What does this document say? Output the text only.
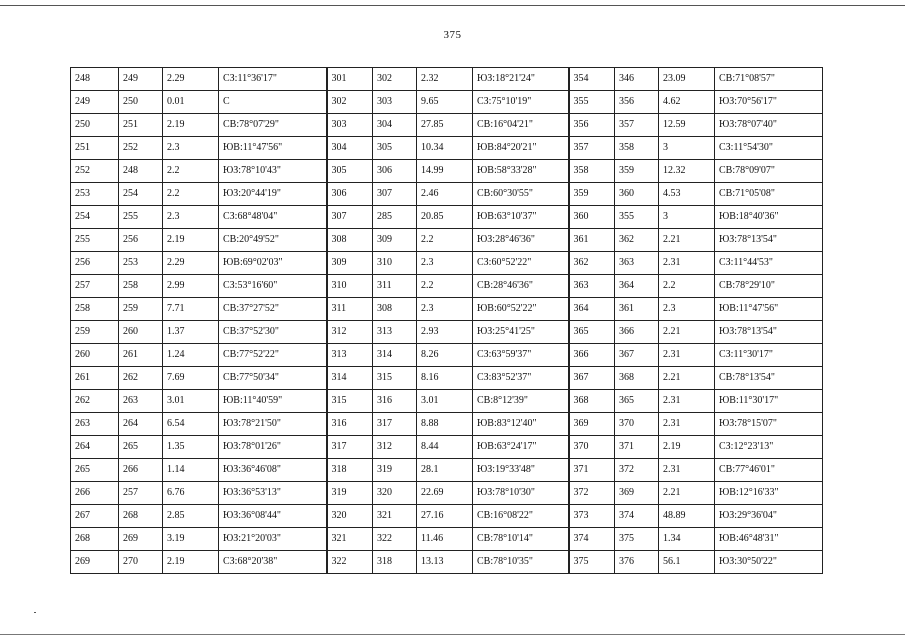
375
248	249	2.29	СЗ:11°36'17"	301	302	2.32	ЮЗ:18°21'24"	354	346	23.09	СВ:71°08'57"
249	250	0.01	С	302	303	9.65	СЗ:75°10'19"	355	356	4.62	ЮЗ:70°56'17"
250	251	2.19	СВ:78°07'29"	303	304	27.85	СВ:16°04'21"	356	357	12.59	ЮЗ:78°07'40"
251	252	2.3	ЮВ:11°47'56"	304	305	10.34	ЮВ:84°20'21"	357	358	3	СЗ:11°54'30"
252	248	2.2	ЮЗ:78°10'43"	305	306	14.99	ЮВ:58°33'28"	358	359	12.32	СВ:78°09'07"
253	254	2.2	ЮЗ:20°44'19"	306	307	2.46	СВ:60°30'55"	359	360	4.53	СВ:71°05'08"
254	255	2.3	СЗ:68°48'04"	307	285	20.85	ЮВ:63°10'37"	360	355	3	ЮВ:18°40'36"
255	256	2.19	СВ:20°49'52"	308	309	2.2	ЮЗ:28°46'36"	361	362	2.21	ЮЗ:78°13'54"
256	253	2.29	ЮВ:69°02'03"	309	310	2.3	СЗ:60°52'22"	362	363	2.31	СЗ:11°44'53"
257	258	2.99	СЗ:53°16'60"	310	311	2.2	СВ:28°46'36"	363	364	2.2	СВ:78°29'10"
258	259	7.71	СВ:37°27'52"	311	308	2.3	ЮВ:60°52'22"	364	361	2.3	ЮВ:11°47'56"
259	260	1.37	СВ:37°52'30"	312	313	2.93	ЮЗ:25°41'25"	365	366	2.21	ЮЗ:78°13'54"
260	261	1.24	СВ:77°52'22"	313	314	8.26	СЗ:63°59'37"	366	367	2.31	СЗ:11°30'17"
261	262	7.69	СВ:77°50'34"	314	315	8.16	СЗ:83°52'37"	367	368	2.21	СВ:78°13'54"
262	263	3.01	ЮВ:11°40'59"	315	316	3.01	СВ:8°12'39"	368	365	2.31	ЮВ:11°30'17"
263	264	6.54	ЮЗ:78°21'50"	316	317	8.88	ЮВ:83°12'40"	369	370	2.31	ЮЗ:78°15'07"
264	265	1.35	ЮЗ:78°01'26"	317	312	8.44	ЮВ:63°24'17"	370	371	2.19	СЗ:12°23'13"
265	266	1.14	ЮЗ:36°46'08"	318	319	28.1	ЮЗ:19°33'48"	371	372	2.31	СВ:77°46'01"
266	257	6.76	ЮЗ:36°53'13"	319	320	22.69	ЮЗ:78°10'30"	372	369	2.21	ЮВ:12°16'33"
267	268	2.85	ЮЗ:36°08'44"	320	321	27.16	СВ:16°08'22"	373	374	48.89	ЮЗ:29°36'04"
268	269	3.19	ЮЗ:21°20'03"	321	322	11.46	СВ:78°10'14"	374	375	1.34	ЮВ:46°48'31"
269	270	2.19	СЗ:68°20'38"	322	318	13.13	СВ:78°10'35"	375	376	56.1	ЮЗ:30°50'22"
